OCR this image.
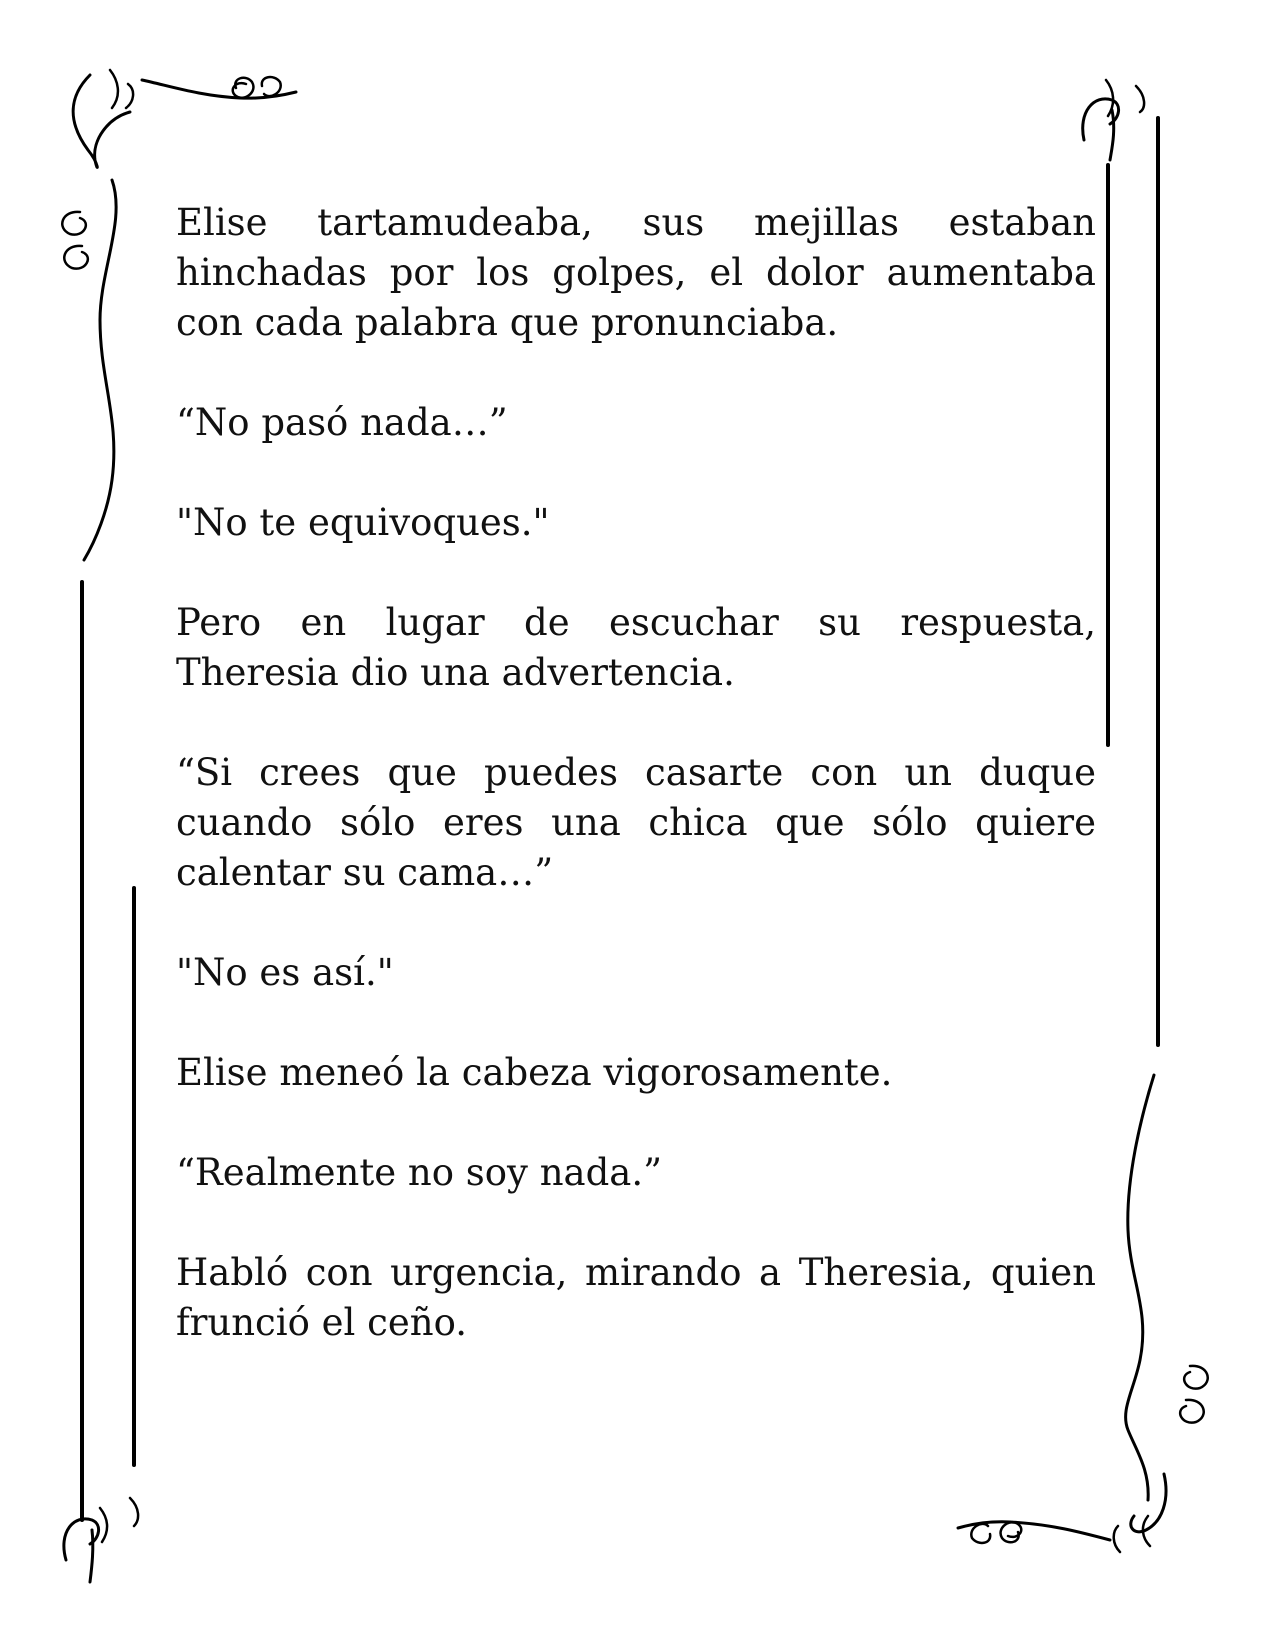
Elise tartamudeaba, sus mejillas estaban hinchadas por los golpes, el dolor aumentaba con cada palabra que pronunciaba.

“No pasó nada…”

"No te equivoques."

Pero en lugar de escuchar su respuesta, Theresia dio una advertencia.

“Si crees que puedes casarte con un duque cuando sólo eres una chica que sólo quiere calentar su cama…”

"No es así."

Elise meneó la cabeza vigorosamente.

“Realmente no soy nada.”

Habló con urgencia, mirando a Theresia, quien frunció el ceño.
